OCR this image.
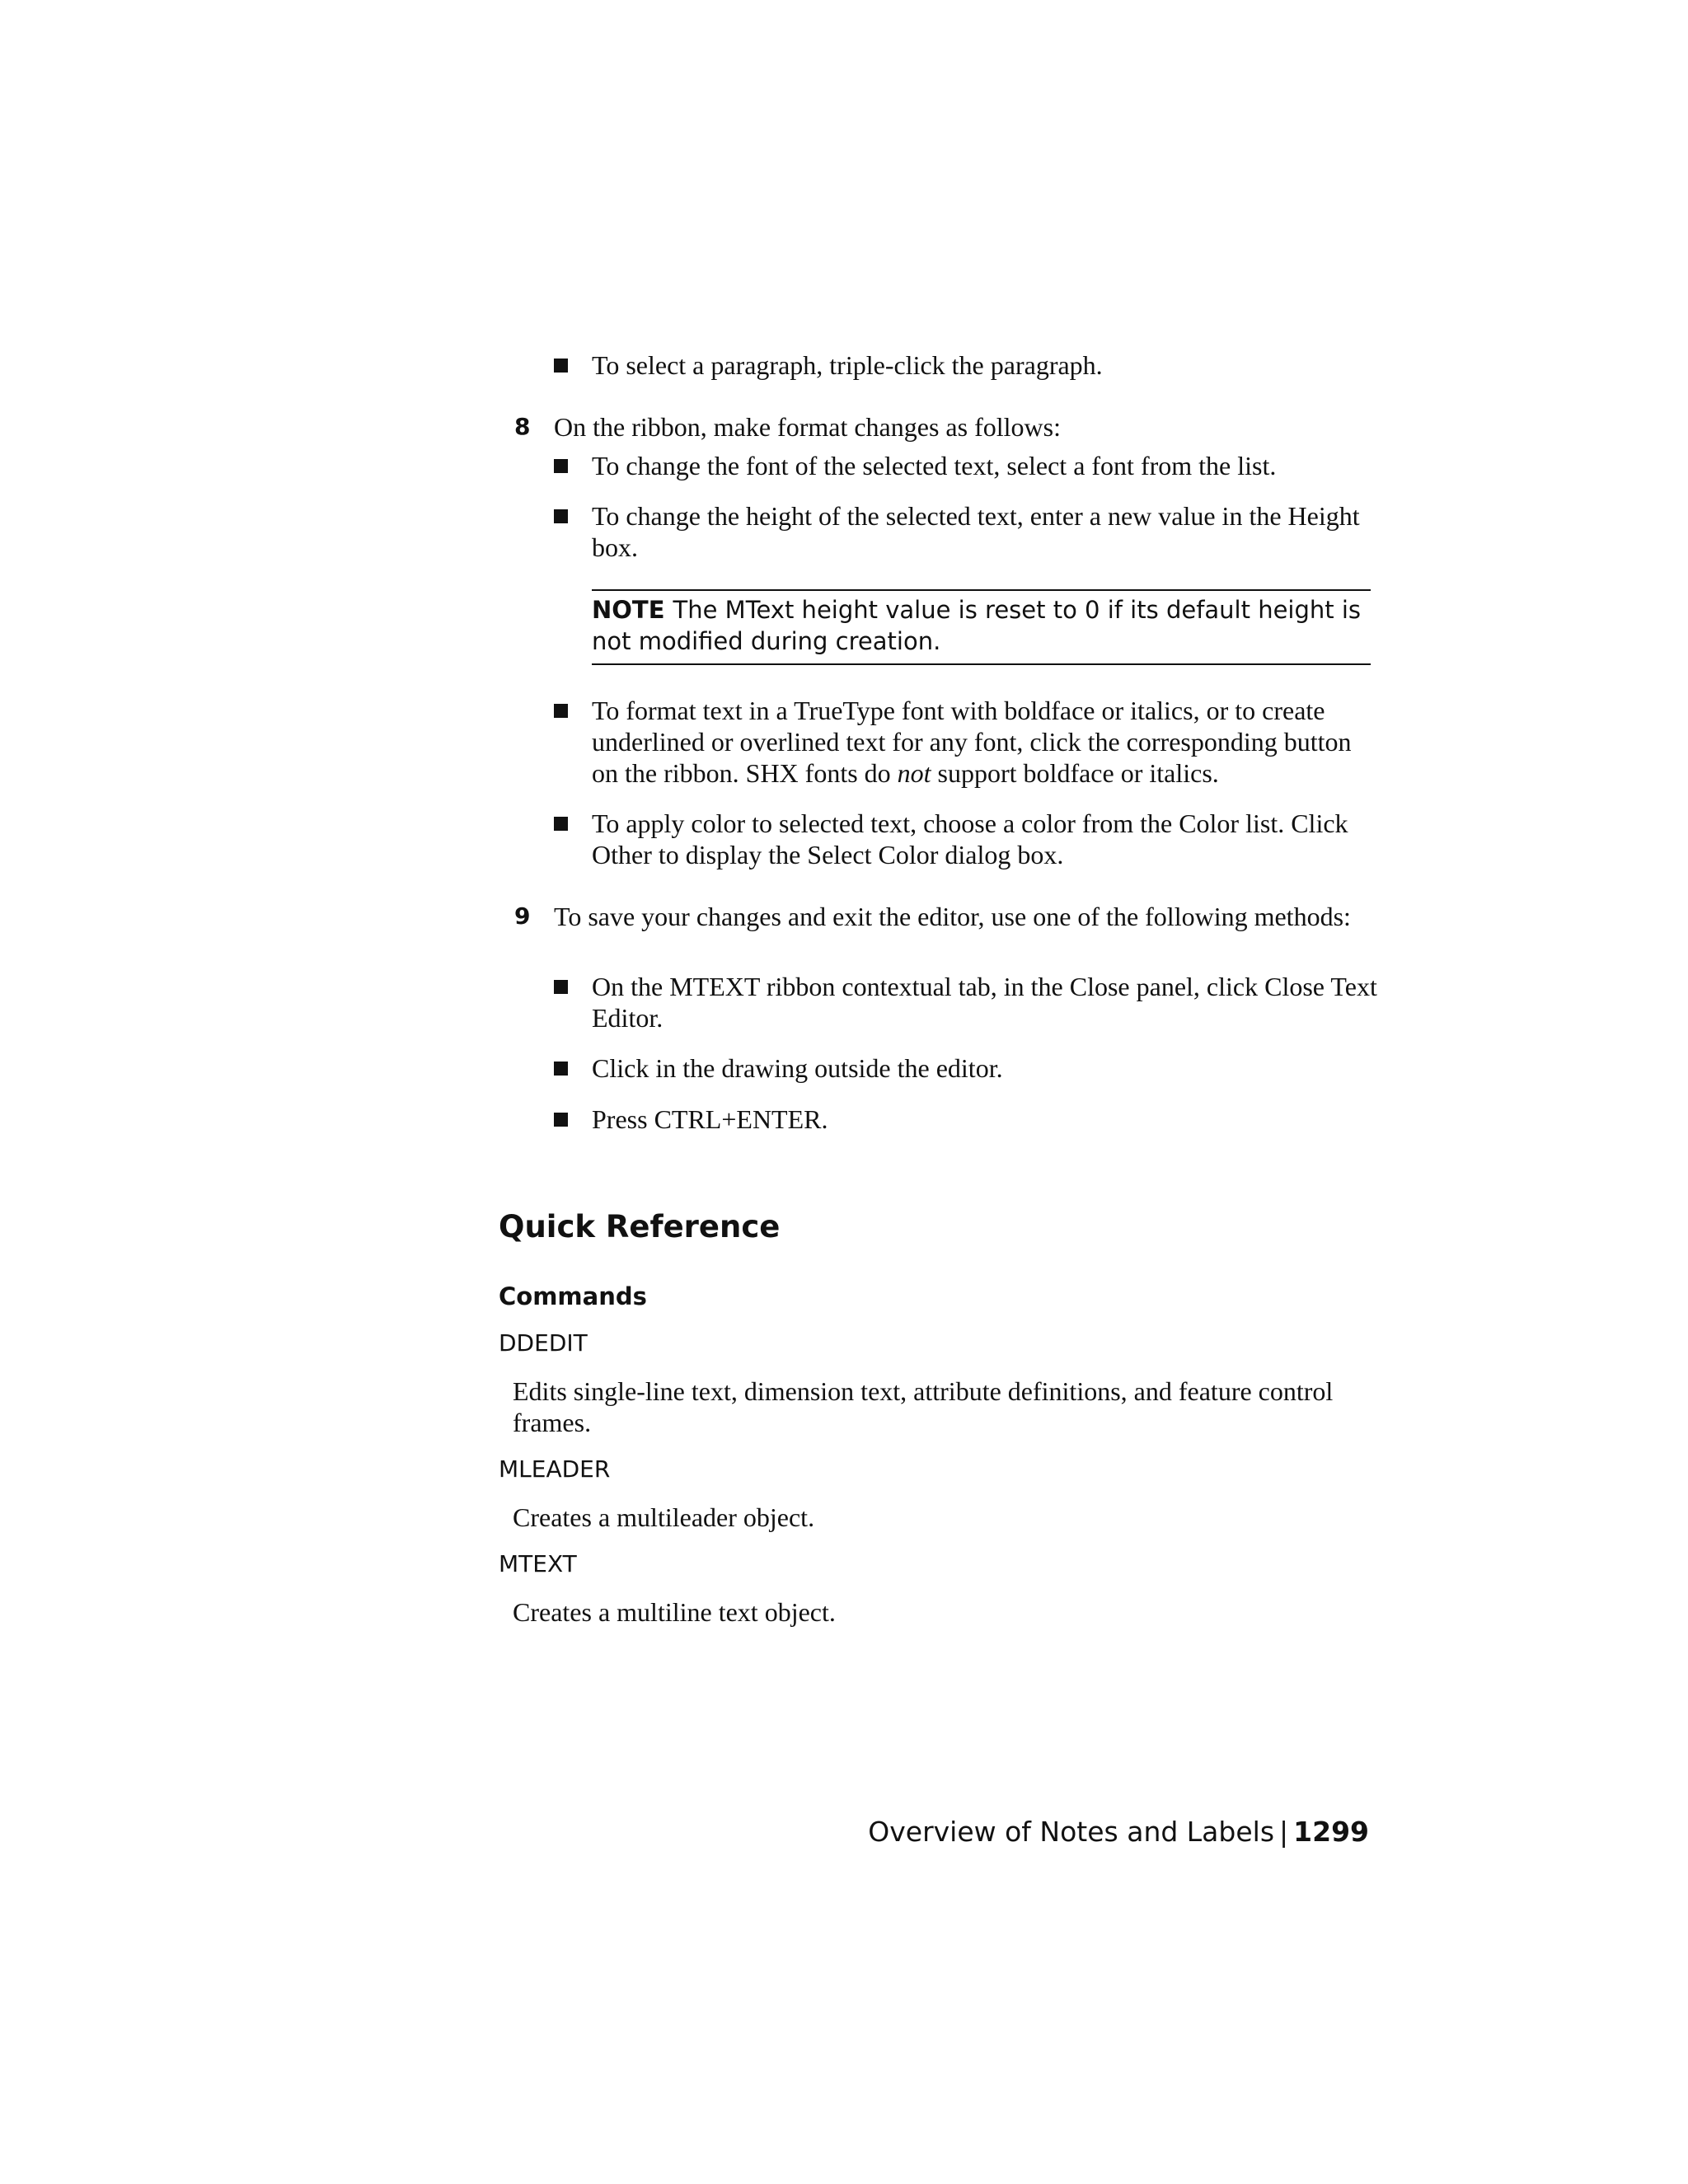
To select a paragraph, triple-click the paragraph.
8 On the ribbon, make format changes as follows:
To change the font of the selected text, select a font from the list.
To change the height of the selected text, enter a new value in the Height box.
NOTE The MText height value is reset to 0 if its default height is not modified during creation.
To format text in a TrueType font with boldface or italics, or to create underlined or overlined text for any font, click the corresponding button on the ribbon. SHX fonts do not support boldface or italics.
To apply color to selected text, choose a color from the Color list. Click Other to display the Select Color dialog box.
9 To save your changes and exit the editor, use one of the following methods:
On the MTEXT ribbon contextual tab, in the Close panel, click Close Text Editor.
Click in the drawing outside the editor.
Press CTRL+ENTER.
Quick Reference
Commands
DDEDIT
Edits single-line text, dimension text, attribute definitions, and feature control frames.
MLEADER
Creates a multileader object.
MTEXT
Creates a multiline text object.
Overview of Notes and Labels | 1299
